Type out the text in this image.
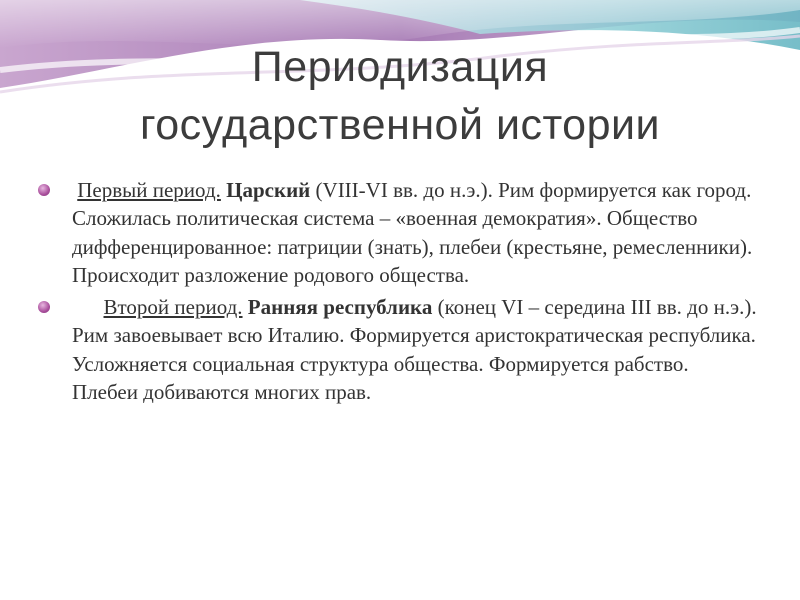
Периодизация
государственной истории
Первый период. Царский (VIII-VI вв. до н.э.). Рим формируется как город. Сложилась политическая система – «военная демократия». Общество дифференцированное: патриции (знать), плебеи (крестьяне, ремесленники). Происходит разложение родового общества.
Второй период. Ранняя республика (конец VI – середина III вв. до н.э.). Рим завоевывает всю Италию. Формируется аристократическая республика. Усложняется социальная структура общества. Формируется рабство. Плебеи добиваются многих прав.
